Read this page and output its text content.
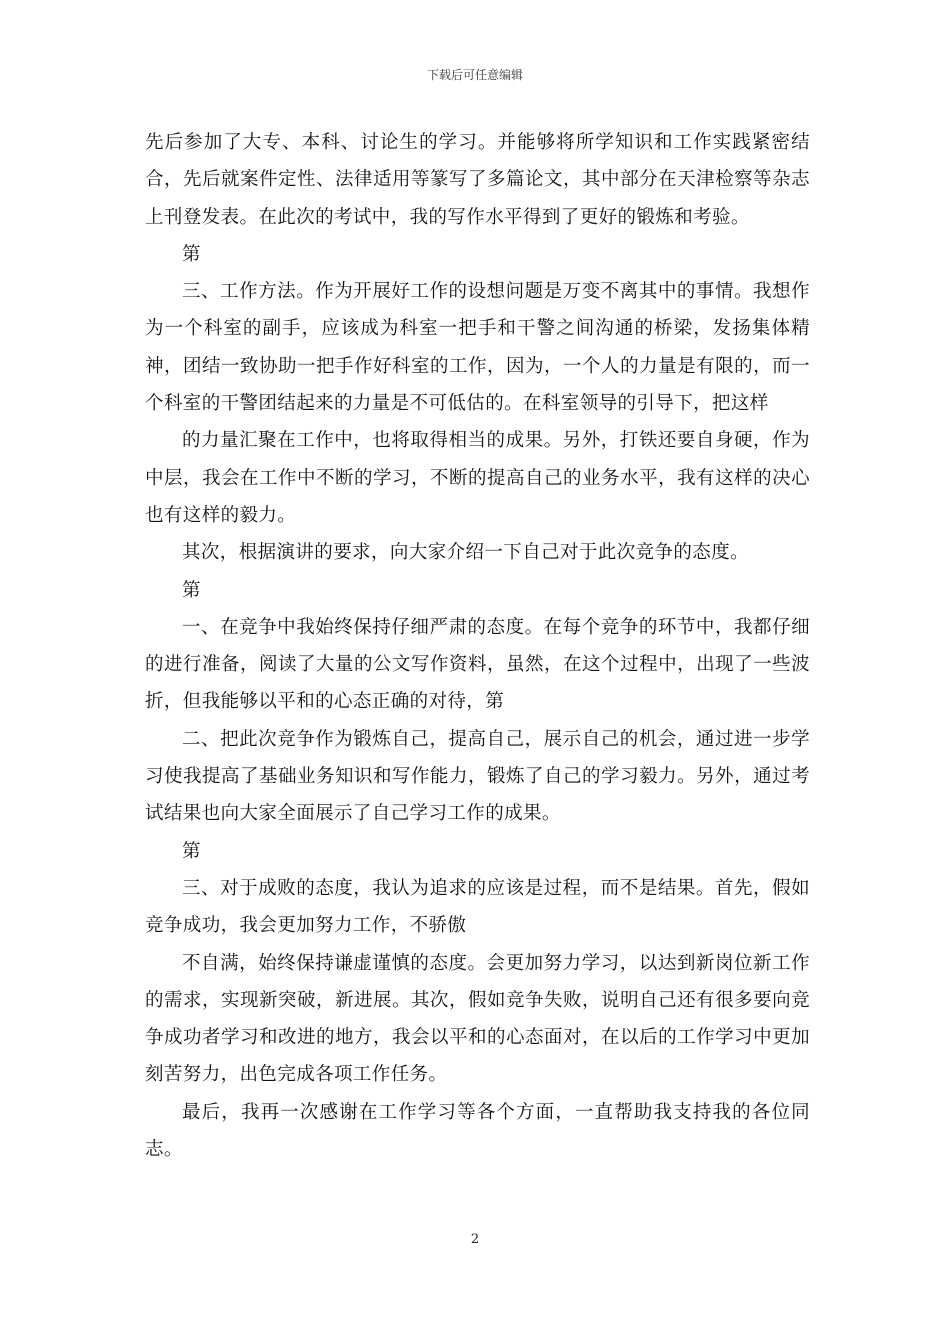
下载后可任意编辑

先后参加了大专、本科、讨论生的学习。并能够将所学知识和工作实践紧密结合，先后就案件定性、法律适用等篆写了多篇论文，其中部分在天津检察等杂志上刊登发表。在此次的考试中，我的写作水平得到了更好的锻炼和考验。

第

三、工作方法。作为开展好工作的设想问题是万变不离其中的事情。我想作为一个科室的副手，应该成为科室一把手和干警之间沟通的桥梁，发扬集体精神，团结一致协助一把手作好科室的工作，因为，一个人的力量是有限的，而一个科室的干警团结起来的力量是不可低估的。在科室领导的引导下，把这样

的力量汇聚在工作中，也将取得相当的成果。另外，打铁还要自身硬，作为中层，我会在工作中不断的学习，不断的提高自己的业务水平，我有这样的决心也有这样的毅力。

其次，根据演讲的要求，向大家介绍一下自己对于此次竞争的态度。

第

一、在竞争中我始终保持仔细严肃的态度。在每个竞争的环节中，我都仔细的进行准备，阅读了大量的公文写作资料，虽然，在这个过程中，出现了一些波折，但我能够以平和的心态正确的对待，第

二、把此次竞争作为锻炼自己，提高自己，展示自己的机会，通过进一步学习使我提高了基础业务知识和写作能力，锻炼了自己的学习毅力。另外，通过考试结果也向大家全面展示了自己学习工作的成果。

第

三、对于成败的态度，我认为追求的应该是过程，而不是结果。首先，假如竞争成功，我会更加努力工作，不骄傲

不自满，始终保持谦虚谨慎的态度。会更加努力学习，以达到新岗位新工作的需求，实现新突破，新进展。其次，假如竞争失败，说明自己还有很多要向竞争成功者学习和改进的地方，我会以平和的心态面对，在以后的工作学习中更加刻苦努力，出色完成各项工作任务。

最后，我再一次感谢在工作学习等各个方面，一直帮助我支持我的各位同志。

2
